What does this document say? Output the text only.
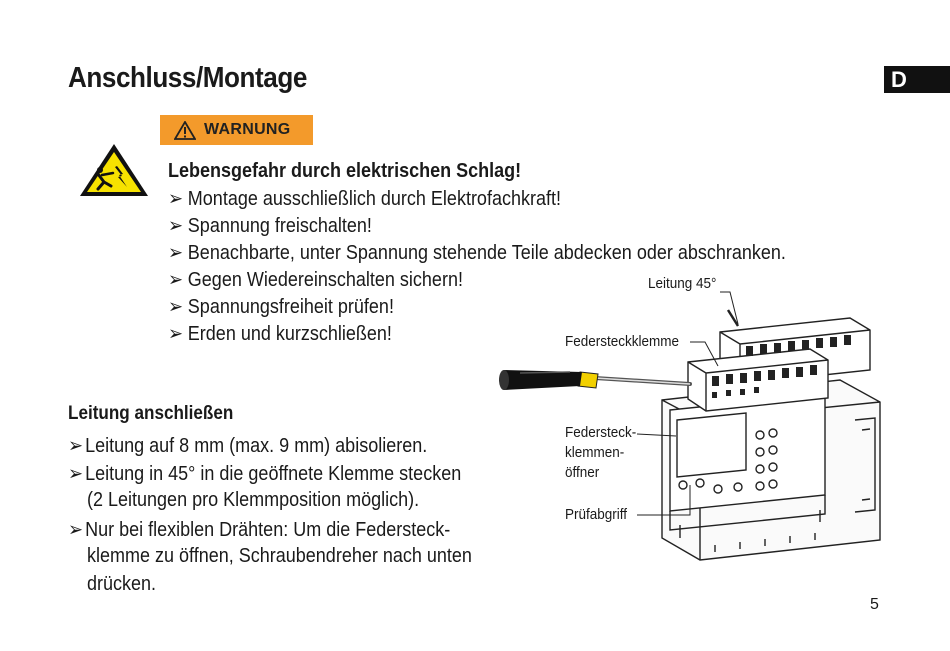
Anschluss/Montage	D
WARNUNG
Lebensgefahr durch elektrischen Schlag!
➢ Montage ausschließlich durch Elektrofachkraft!
➢ Spannung freischalten!
➢ Benachbarte, unter Spannung stehende Teile abdecken oder abschranken.
➢ Gegen Wiedereinschalten sichern!
➢ Spannungsfreiheit prüfen!
➢ Erden und kurzschließen!
Leitung anschließen
➢ Leitung auf 8 mm (max. 9 mm) abisolieren.
➢ Leitung in 45° in die geöffnete Klemme stecken
(2 Leitungen pro Klemmposition möglich).
➢ Nur bei flexiblen Drähten: Um die Federsteck-
klemme zu öffnen, Schraubendreher nach unten
drücken.
Leitung 45°
Federsteckklemme
Federsteck-
klemmen-
öffner
Prüfabgriff
5
